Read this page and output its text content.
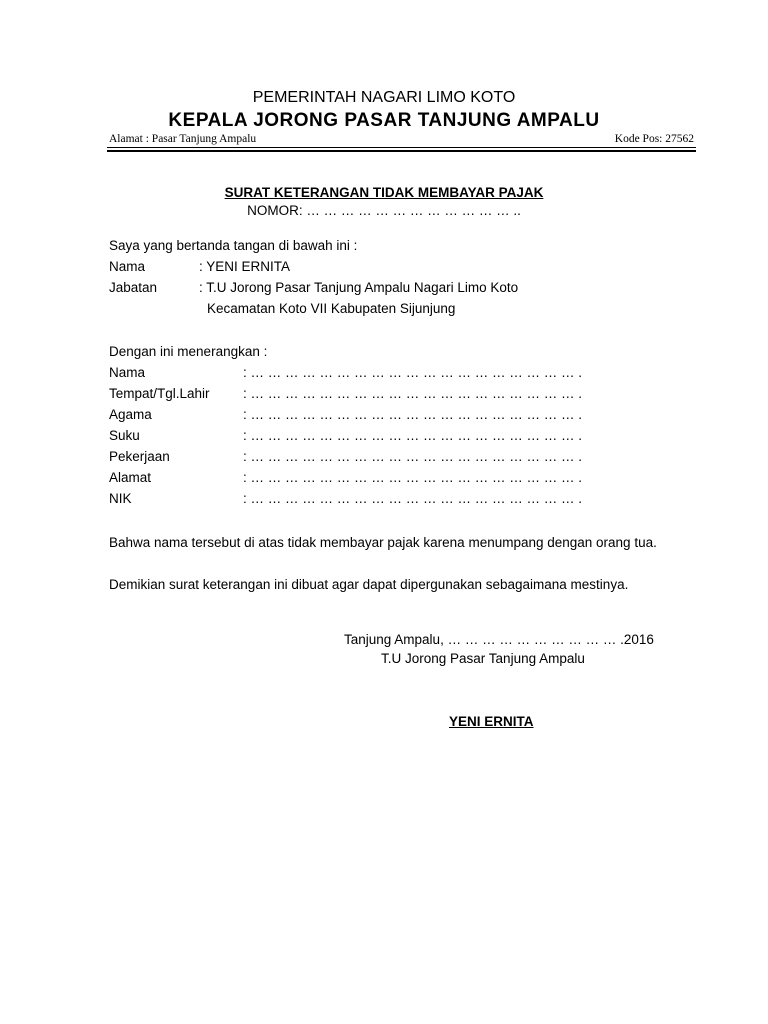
PEMERINTAH NAGARI LIMO KOTO
KEPALA JORONG PASAR TANJUNG AMPALU
Alamat : Pasar Tanjung Ampalu	Kode Pos: 27562
SURAT KETERANGAN TIDAK MEMBAYAR PAJAK
NOMOR: … … … … … … … … … … … … ..
Saya yang bertanda tangan di bawah ini :
Nama	: YENI ERNITA
Jabatan	: T.U Jorong Pasar Tanjung Ampalu Nagari Limo Koto
Kecamatan Koto VII Kabupaten Sijunjung
Dengan ini menerangkan :
Nama	: … … … … … … … … … … … … … … … … … … … .
Tempat/Tgl.Lahir : … … … … … … … … … … … … … … … … … … … .
Agama	: … … … … … … … … … … … … … … … … … … … .
Suku	: … … … … … … … … … … … … … … … … … … … .
Pekerjaan	: … … … … … … … … … … … … … … … … … … … .
Alamat	: … … … … … … … … … … … … … … … … … … … .
NIK	: … … … … … … … … … … … … … … … … … … … .
Bahwa nama tersebut di atas tidak membayar pajak karena menumpang dengan orang tua.
Demikian surat keterangan ini dibuat agar dapat dipergunakan sebagaimana mestinya.
Tanjung Ampalu, … … … … … … … … … … .2016
T.U Jorong Pasar Tanjung Ampalu
YENI ERNITA
